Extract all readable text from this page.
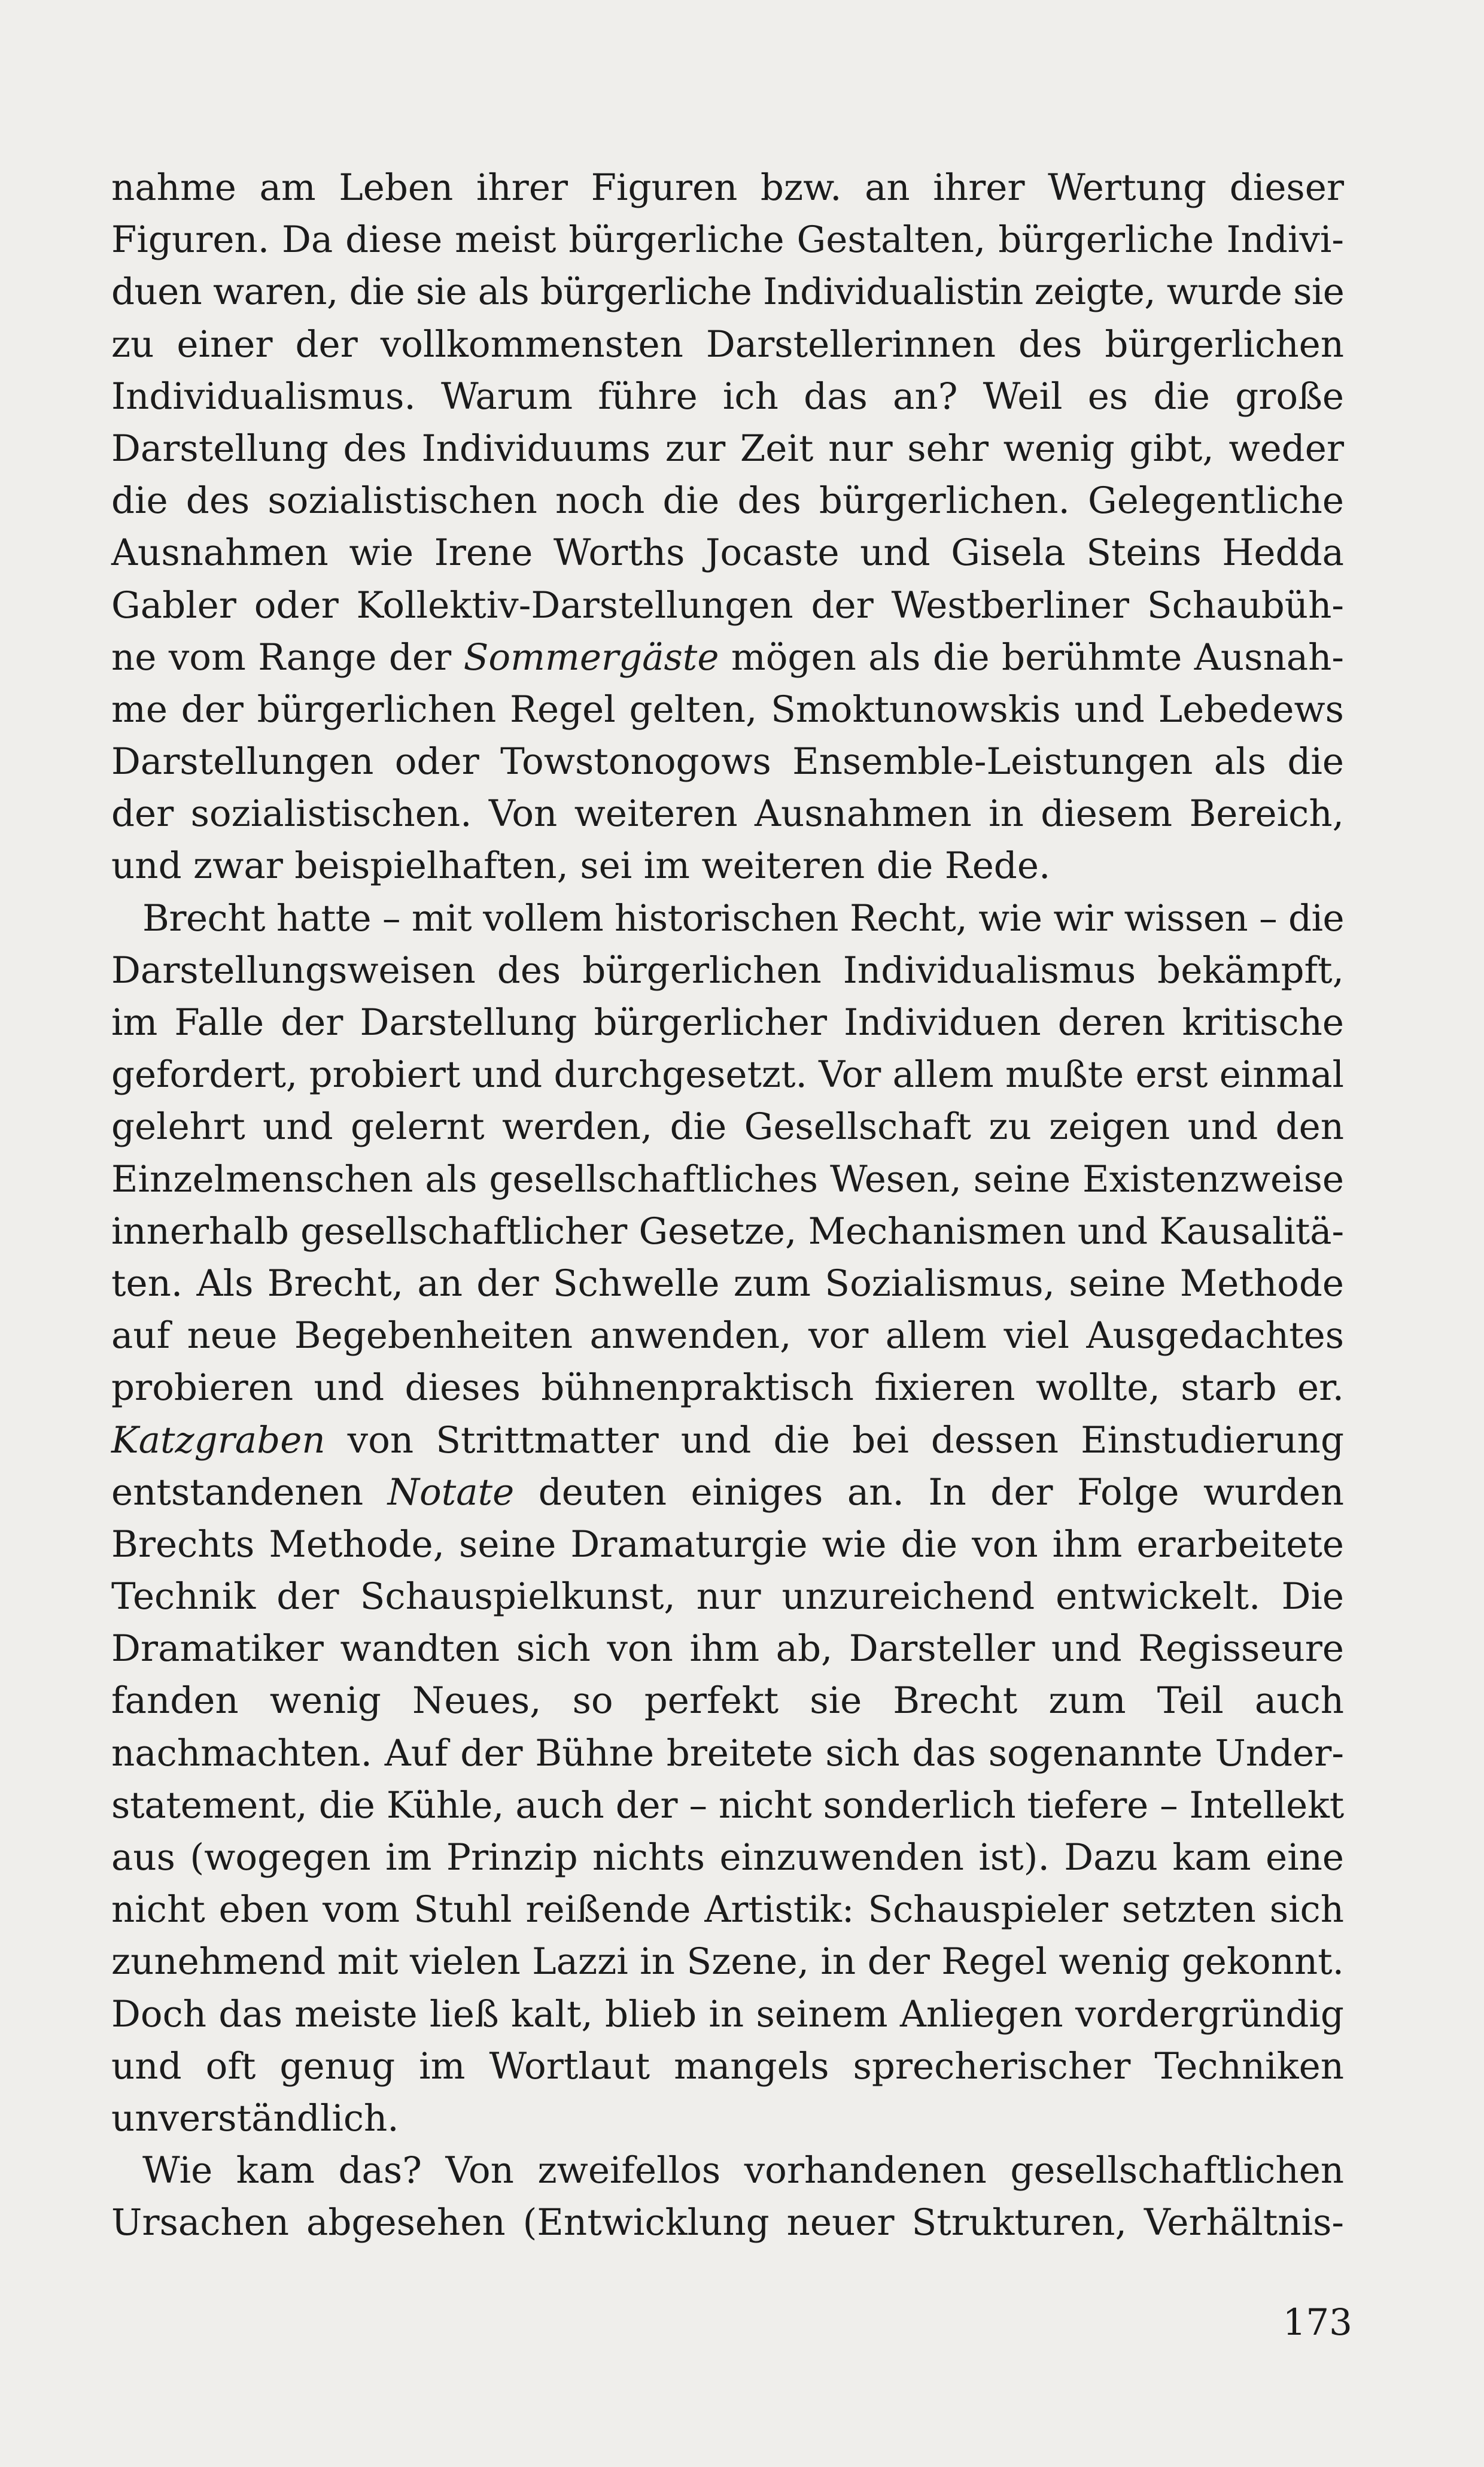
nahme am Leben ihrer Figuren bzw. an ihrer Wertung dieser
Figuren. Da diese meist bürgerliche Gestalten, bürgerliche Indivi-
duen waren, die sie als bürgerliche Individualistin zeigte, wurde sie
zu einer der vollkommensten Darstellerinnen des bürgerlichen
Individualismus. Warum führe ich das an? Weil es die große
Darstellung des Individuums zur Zeit nur sehr wenig gibt, weder
die des sozialistischen noch die des bürgerlichen. Gelegentliche
Ausnahmen wie Irene Worths Jocaste und Gisela Steins Hedda
Gabler oder Kollektiv-Darstellungen der Westberliner Schaubüh-
ne vom Range der Sommergäste mögen als die berühmte Ausnah-
me der bürgerlichen Regel gelten, Smoktunowskis und Lebedews
Darstellungen oder Towstonogows Ensemble-Leistungen als die
der sozialistischen. Von weiteren Ausnahmen in diesem Bereich,
und zwar beispielhaften, sei im weiteren die Rede.
Brecht hatte – mit vollem historischen Recht, wie wir wissen – die
Darstellungsweisen des bürgerlichen Individualismus bekämpft,
im Falle der Darstellung bürgerlicher Individuen deren kritische
gefordert, probiert und durchgesetzt. Vor allem mußte erst einmal
gelehrt und gelernt werden, die Gesellschaft zu zeigen und den
Einzelmenschen als gesellschaftliches Wesen, seine Existenzweise
innerhalb gesellschaftlicher Gesetze, Mechanismen und Kausalitä-
ten. Als Brecht, an der Schwelle zum Sozialismus, seine Methode
auf neue Begebenheiten anwenden, vor allem viel Ausgedachtes
probieren und dieses bühnenpraktisch fixieren wollte, starb er.
Katzgraben von Strittmatter und die bei dessen Einstudierung
entstandenen Notate deuten einiges an. In der Folge wurden
Brechts Methode, seine Dramaturgie wie die von ihm erarbeitete
Technik der Schauspielkunst, nur unzureichend entwickelt. Die
Dramatiker wandten sich von ihm ab, Darsteller und Regisseure
fanden wenig Neues, so perfekt sie Brecht zum Teil auch
nachmachten. Auf der Bühne breitete sich das sogenannte Under-
statement, die Kühle, auch der – nicht sonderlich tiefere – Intellekt
aus (wogegen im Prinzip nichts einzuwenden ist). Dazu kam eine
nicht eben vom Stuhl reißende Artistik: Schauspieler setzten sich
zunehmend mit vielen Lazzi in Szene, in der Regel wenig gekonnt.
Doch das meiste ließ kalt, blieb in seinem Anliegen vordergründig
und oft genug im Wortlaut mangels sprecherischer Techniken
unverständlich.
Wie kam das? Von zweifellos vorhandenen gesellschaftlichen
Ursachen abgesehen (Entwicklung neuer Strukturen, Verhältnis-
173
